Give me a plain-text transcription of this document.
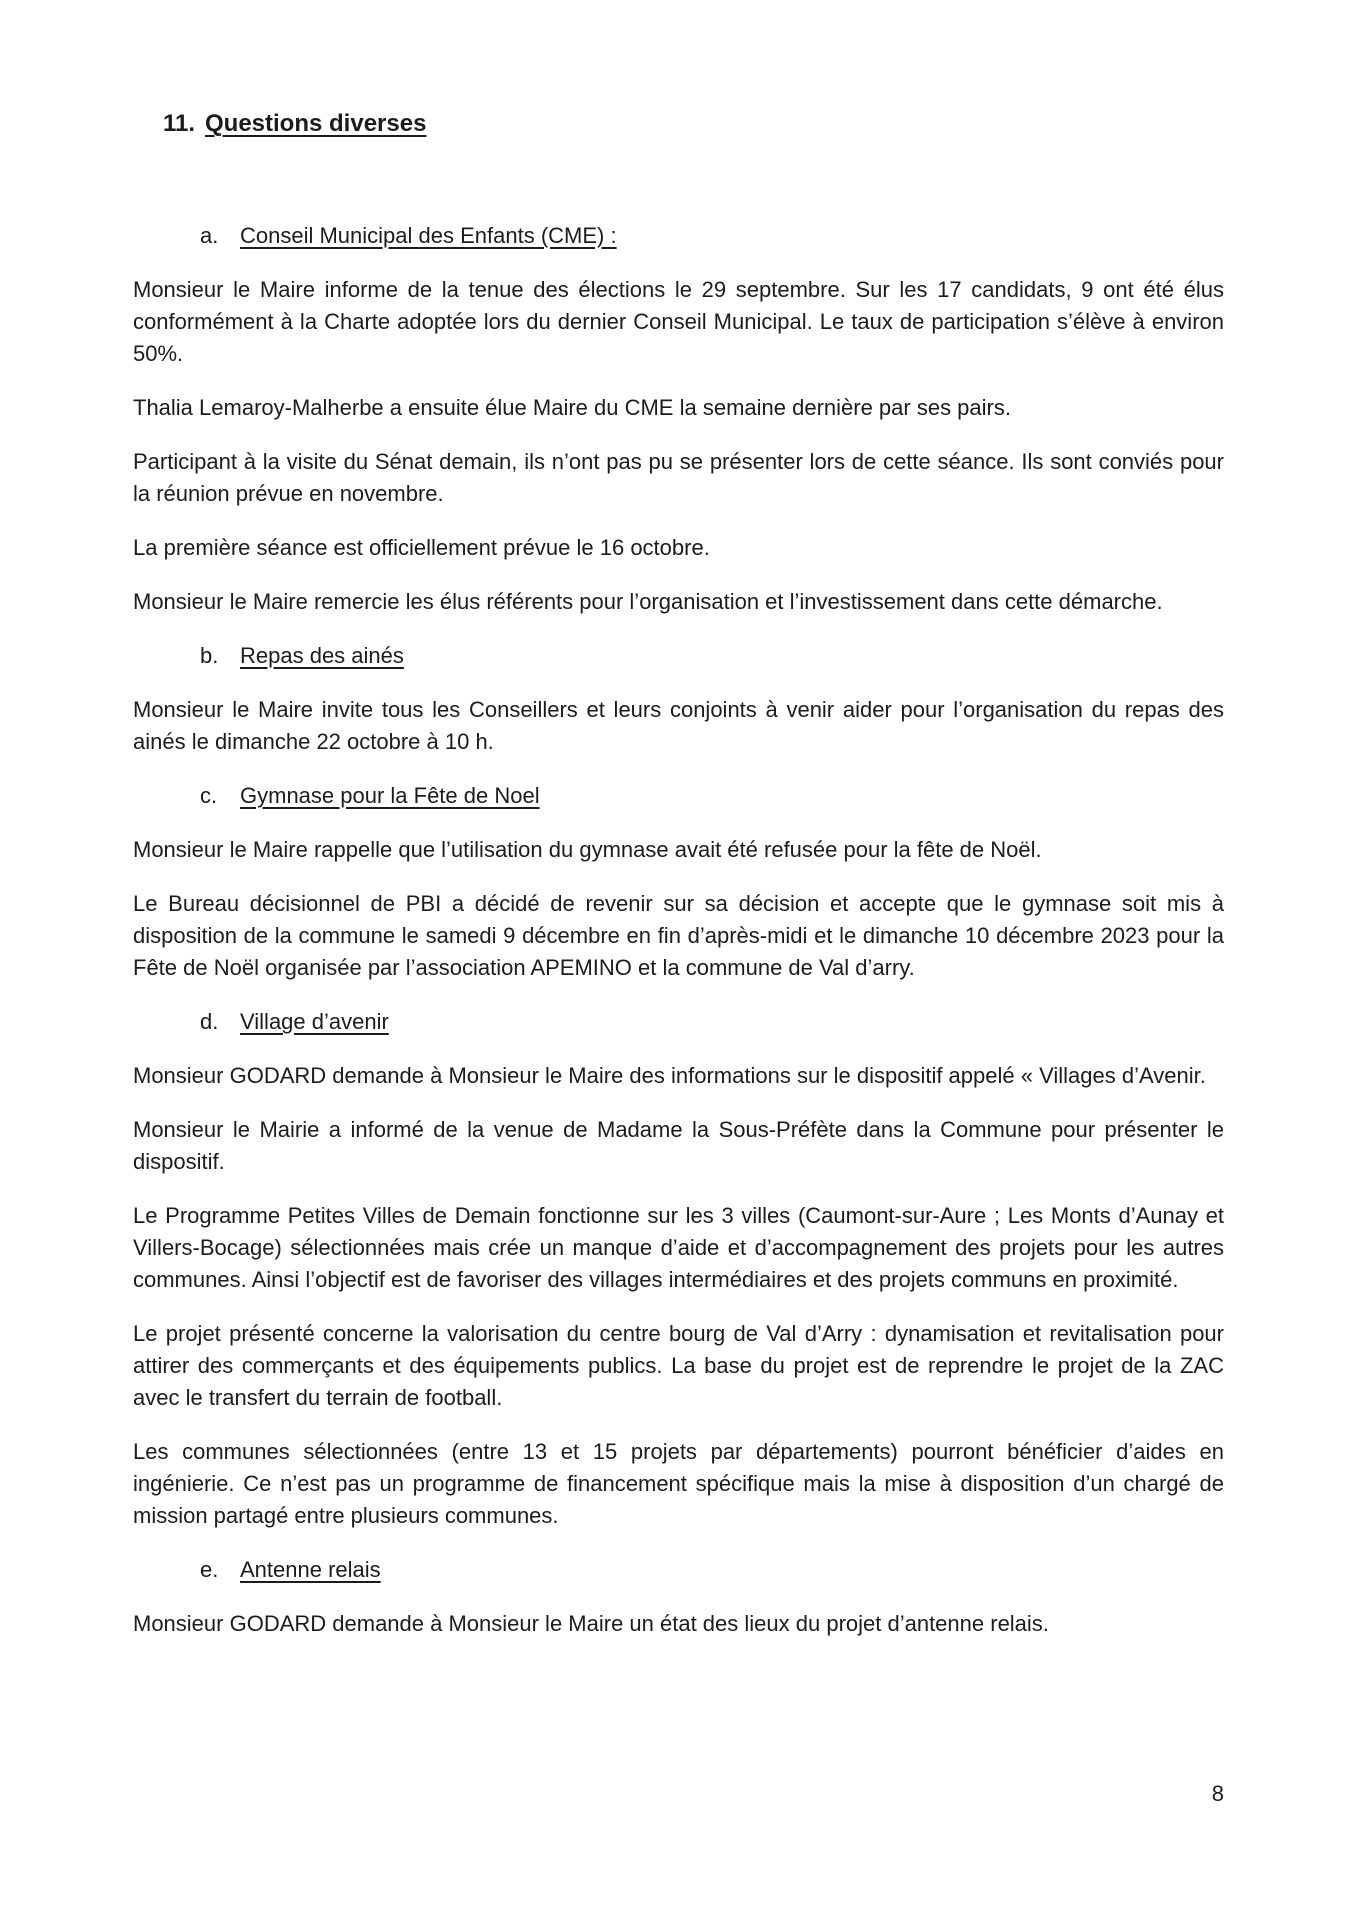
11. Questions diverses
a. Conseil Municipal des Enfants (CME) :

Monsieur le Maire informe de la tenue des élections le 29 septembre. Sur les 17 candidats, 9 ont été élus conformément à la Charte adoptée lors du dernier Conseil Municipal. Le taux de participation s’élève à environ 50%.

Thalia Lemaroy-Malherbe a ensuite élue Maire du CME la semaine dernière par ses pairs.

Participant à la visite du Sénat demain, ils n’ont pas pu se présenter lors de cette séance. Ils sont conviés pour la réunion prévue en novembre.

La première séance est officiellement prévue le 16 octobre.

Monsieur le Maire remercie les élus référents pour l’organisation et l’investissement dans cette démarche.

b. Repas des ainés

Monsieur le Maire invite tous les Conseillers et leurs conjoints à venir aider pour l’organisation du repas des ainés le dimanche 22 octobre à 10 h.

c. Gymnase pour la Fête de Noel

Monsieur le Maire rappelle que l’utilisation du gymnase avait été refusée pour la fête de Noël.

Le Bureau décisionnel de PBI a décidé de revenir sur sa décision et accepte que le gymnase soit mis à disposition de la commune le samedi 9 décembre en fin d’après-midi et le dimanche 10 décembre 2023 pour la Fête de Noël organisée par l’association APEMINO et la commune de Val d’arry.

d. Village d’avenir

Monsieur GODARD demande à Monsieur le Maire des informations sur le dispositif appelé « Villages d’Avenir.

Monsieur le Mairie a informé de la venue de Madame la Sous-Préfète dans la Commune pour présenter le dispositif.

Le Programme Petites Villes de Demain fonctionne sur les 3 villes (Caumont-sur-Aure ; Les Monts d’Aunay et Villers-Bocage) sélectionnées mais crée un manque d’aide et d’accompagnement des projets pour les autres communes. Ainsi l’objectif est de favoriser des villages intermédiaires et des projets communs en proximité.

Le projet présenté concerne la valorisation du centre bourg de Val d’Arry : dynamisation et revitalisation pour attirer des commerçants et des équipements publics. La base du projet est de reprendre le projet de la ZAC avec le transfert du terrain de football.

Les communes sélectionnées (entre 13 et 15 projets par départements) pourront bénéficier d’aides en ingénierie. Ce n’est pas un programme de financement spécifique mais la mise à disposition d’un chargé de mission partagé entre plusieurs communes.

e. Antenne relais

Monsieur GODARD demande à Monsieur le Maire un état des lieux du projet d’antenne relais.

8
